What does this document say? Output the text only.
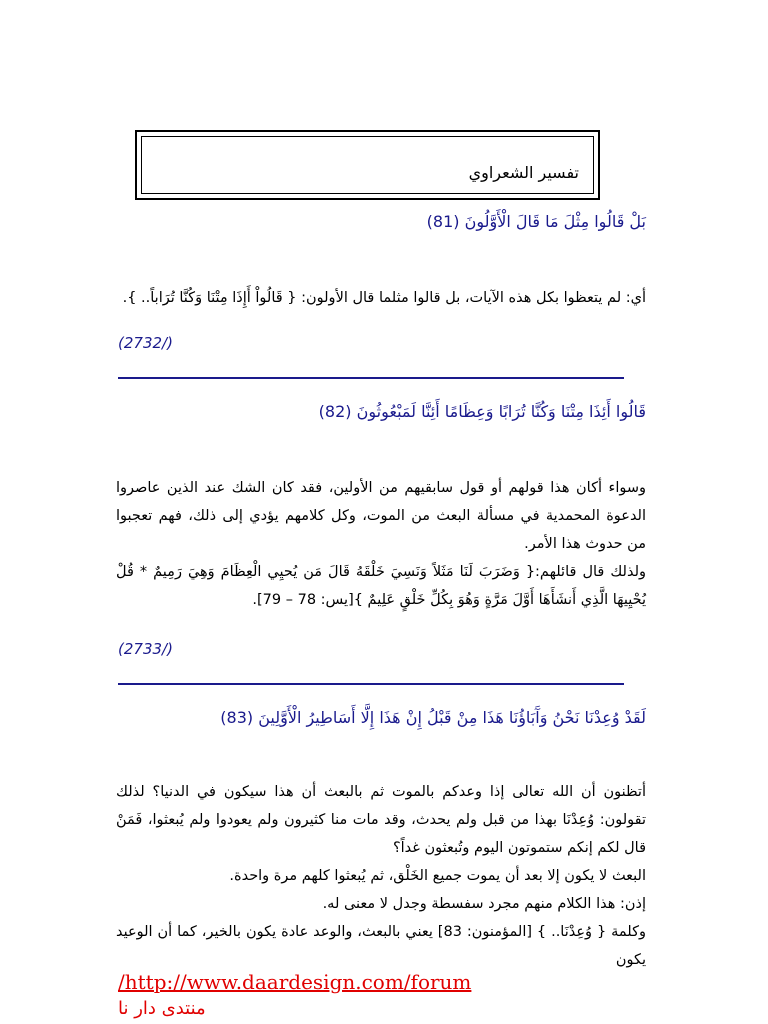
تفسير الشعراوي
بَلْ قَالُوا مِثْلَ مَا قَالَ الْأَوَّلُونَ (81)

أي: لم يتعظوا بكل هذه الآيات، بل قالوا مثلما قال الأولون: { قَالُواْ أَإِذَا مِتْنَا وَكُنَّا تُرَاباً.. }.

(2732/)
قَالُوا أَئِذَا مِتْنَا وَكُنَّا تُرَابًا وَعِظَامًا أَئِنَّا لَمَبْعُوثُونَ (82)

وسواء أكان هذا قولهم أو قول سابقيهم من الأولين، فقد كان الشك عند الذين عاصروا الدعوة المحمدية في مسألة البعث من الموت، وكل كلامهم يؤدي إلى ذلك، فهم تعجبوا من حدوث هذا الأمر.

ولذلك قال قائلهم:{ وَضَرَبَ لَنَا مَثَلاً وَنَسِيَ خَلْقَهُ قَالَ مَن يُحيِي الْعِظَامَ وَهِيَ رَمِيمٌ * قُلْ يُحْيِيهَا الَّذِي أَنشَأَهَا أَوَّلَ مَرَّةٍ وَهُوَ بِكُلِّ خَلْقٍ عَلِيمٌ }[يس: 78 – 79].

(2733/)
لَقَدْ وُعِدْنَا نَحْنُ وَآَبَاؤُنَا هَذَا مِنْ قَبْلُ إِنْ هَذَا إِلَّا أَسَاطِيرُ الْأَوَّلِينَ (83)

أتظنون أن الله تعالى إذا وعدكم بالموت ثم بالبعث أن هذا سيكون في الدنيا؟ لذلك تقولون: وُعِدْنَا بهذا من قبل ولم يحدث، وقد مات منا كثيرون ولم يعودوا ولم يُبعثوا، فَمَنْ قال لكم إنكم ستموتون اليوم وتُبعثون غداً؟

البعث لا يكون إلا بعد أن يموت جميع الخَلْق، ثم يُبعثوا كلهم مرة واحدة.

إذن: هذا الكلام منهم مجرد سفسطة وجدل لا معنى له.

وكلمة { وُعِدْنَا.. } [المؤمنون: 83] يعني بالبعث، والوعد عادة يكون بالخير، كما أن الوعيد يكون

/http://www.daardesign.com/forum
منتدى دار نا
